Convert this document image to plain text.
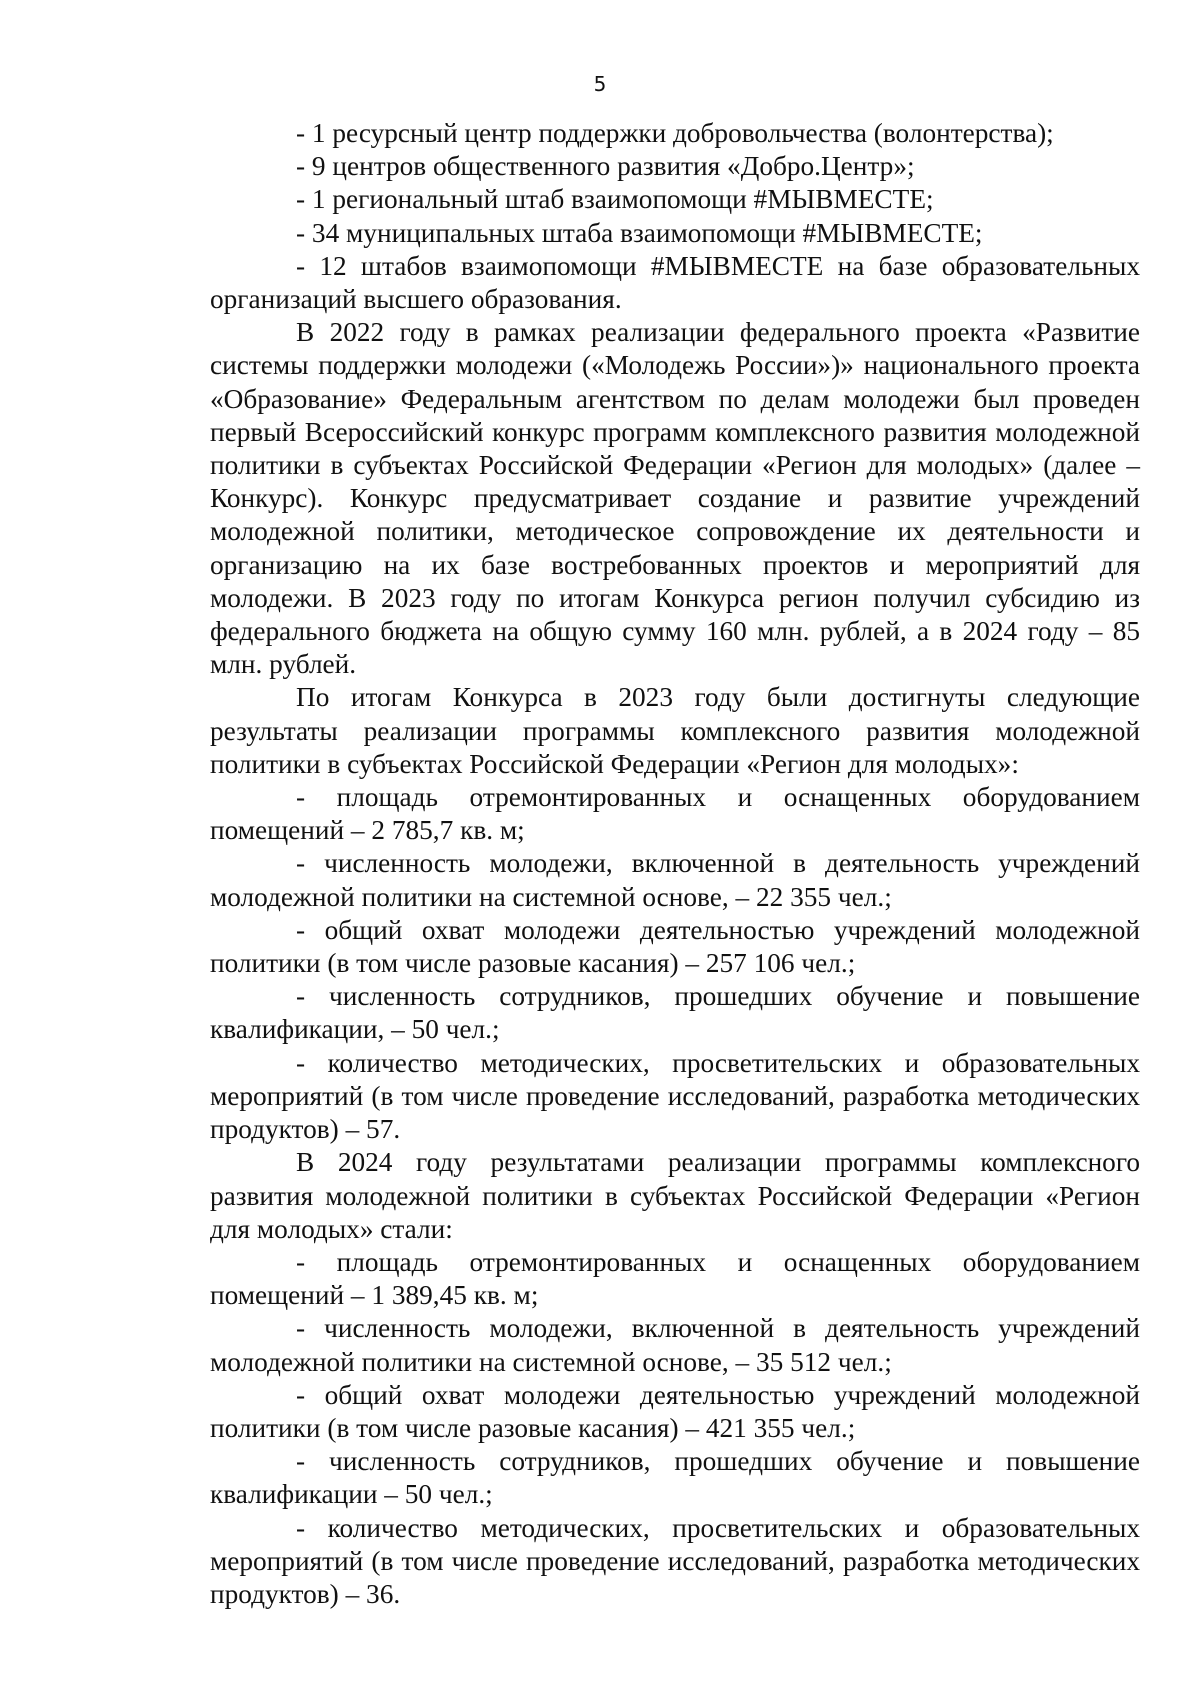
5

- 1 ресурсный центр поддержки добровольчества (волонтерства);

- 9 центров общественного развития «Добро.Центр»;

- 1 региональный штаб взаимопомощи #МЫВМЕСТЕ;

- 34 муниципальных штаба взаимопомощи #МЫВМЕСТЕ;

- 12 штабов взаимопомощи #МЫВМЕСТЕ на базе образовательных организаций высшего образования.

В 2022 году в рамках реализации федерального проекта «Развитие системы поддержки молодежи («Молодежь России»)» национального проекта «Образование» Федеральным агентством по делам молодежи был проведен первый Всероссийский конкурс программ комплексного развития молодежной политики в субъектах Российской Федерации «Регион для молодых» (далее – Конкурс). Конкурс предусматривает создание и развитие учреждений молодежной политики, методическое сопровождение их деятельности и организацию на их базе востребованных проектов и мероприятий для молодежи. В 2023 году по итогам Конкурса регион получил субсидию из федерального бюджета на общую сумму 160 млн. рублей, а в 2024 году – 85 млн. рублей.

По итогам Конкурса в 2023 году были достигнуты следующие результаты реализации программы комплексного развития молодежной политики в субъектах Российской Федерации «Регион для молодых»:

- площадь отремонтированных и оснащенных оборудованием помещений – 2 785,7 кв. м;

- численность молодежи, включенной в деятельность учреждений молодежной политики на системной основе, – 22 355 чел.;

- общий охват молодежи деятельностью учреждений молодежной политики (в том числе разовые касания) – 257 106 чел.;

- численность сотрудников, прошедших обучение и повышение квалификации, – 50 чел.;

- количество методических, просветительских и образовательных мероприятий (в том числе проведение исследований, разработка методических продуктов) – 57.

В 2024 году результатами реализации программы комплексного развития молодежной политики в субъектах Российской Федерации «Регион для молодых» стали:

- площадь отремонтированных и оснащенных оборудованием помещений – 1 389,45 кв. м;

- численность молодежи, включенной в деятельность учреждений молодежной политики на системной основе, – 35 512 чел.;

- общий охват молодежи деятельностью учреждений молодежной политики (в том числе разовые касания) – 421 355 чел.;

- численность сотрудников, прошедших обучение и повышение квалификации – 50 чел.;

- количество методических, просветительских и образовательных мероприятий (в том числе проведение исследований, разработка методических продуктов) – 36.
